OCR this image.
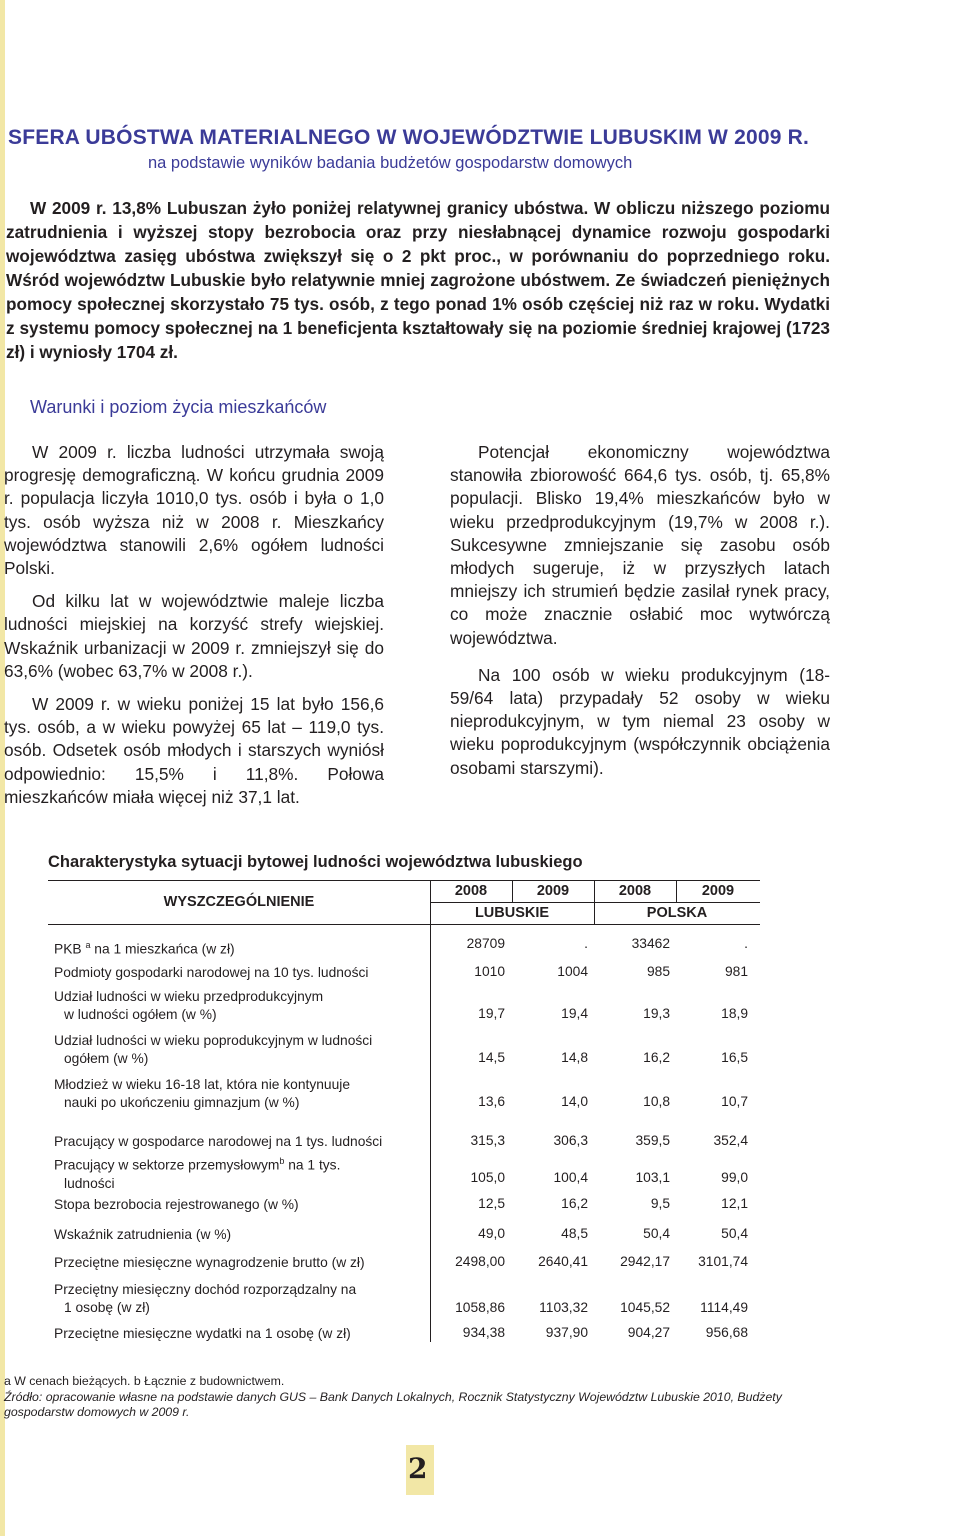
SFERA UBÓSTWA MATERIALNEGO W WOJEWÓDZTWIE LUBUSKIM W 2009 R.
na podstawie wyników badania budżetów gospodarstw domowych

W 2009 r. 13,8% Lubuszan żyło poniżej relatywnej granicy ubóstwa. W obliczu niższego poziomu zatrudnienia i wyższej stopy bezrobocia oraz przy niesłabnącej dynamice rozwoju gospodarki województwa zasięg ubóstwa zwiększył się o 2 pkt proc., w porównaniu do poprzedniego roku. Wśród województw Lubuskie było relatywnie mniej zagrożone ubóstwem. Ze świadczeń pieniężnych pomocy społecznej skorzystało 75 tys. osób, z tego ponad 1% osób częściej niż raz w roku. Wydatki z systemu pomocy społecznej na 1 beneficjenta kształtowały się na poziomie średniej krajowej (1723 zł) i wyniosły 1704 zł.

Warunki i poziom życia mieszkańców

W 2009 r. liczba ludności utrzymała swoją progresję demograficzną. W końcu grudnia 2009 r. populacja liczyła 1010,0 tys. osób i była o 1,0 tys. osób wyższa niż w 2008 r. Mieszkańcy województwa stanowili 2,6% ogółem ludności Polski.

Od kilku lat w województwie maleje liczba ludności miejskiej na korzyść strefy wiejskiej. Wskaźnik urbanizacji w 2009 r. zmniejszył się do 63,6% (wobec 63,7% w 2008 r.).

W 2009 r. w wieku poniżej 15 lat było 156,6 tys. osób, a w wieku powyżej 65 lat – 119,0 tys. osób. Odsetek osób młodych i starszych wyniósł odpowiednio: 15,5% i 11,8%. Połowa mieszkańców miała więcej niż 37,1 lat.

Potencjał ekonomiczny województwa stanowiła zbiorowość 664,6 tys. osób, tj. 65,8% populacji. Blisko 19,4% mieszkańców było w wieku przedprodukcyjnym (19,7% w 2008 r.). Sukcesywne zmniejszanie się zasobu osób młodych sugeruje, iż w przyszłych latach mniejszy ich strumień będzie zasilał rynek pracy, co może znacznie osłabić moc wytwórczą województwa.

Na 100 osób w wieku produkcyjnym (18-59/64 lata) przypadały 52 osoby w wieku nieprodukcyjnym, w tym niemal 23 osoby w wieku poprodukcyjnym (współczynnik obciążenia osobami starszymi).

Charakterystyka sytuacji bytowej ludności województwa lubuskiego
WYSZCZEGÓLNIENIE
2008	2009	2008	2009
LUBUSKIE	POLSKA
PKB $^a$ na 1 mieszkańca (w zł)	28709	.	33462	.
Podmioty gospodarki narodowej na 10 tys. ludności	1010	1004	985	981
Udział ludności w wieku przedprodukcyjnym
w ludności ogółem (w %)	19,7	19,4	19,3	18,9
Udział ludności w wieku poprodukcyjnym w ludności
ogółem (w %)	14,5	14,8	16,2	16,5
Młodzież w wieku 16-18 lat, która nie kontynuuje
nauki po ukończeniu gimnazjum (w %)	13,6	14,0	10,8	10,7
Pracujący w gospodarce narodowej na 1 tys. ludności	315,3	306,3	359,5	352,4
Pracujący w sektorze przemysłowym$^b$ na 1 tys.
ludności	105,0	100,4	103,1	99,0
Stopa bezrobocia rejestrowanego (w %)	12,5	16,2	9,5	12,1
Wskaźnik zatrudnienia (w %)	49,0	48,5	50,4	50,4
Przeciętne miesięczne wynagrodzenie brutto (w zł)	2498,00	2640,41	2942,17	3101,74
Przeciętny miesięczny dochód rozporządzalny na
1 osobę (w zł)	1058,86	1103,32	1045,52	1114,49
Przeciętne miesięczne wydatki na 1 osobę (w zł)	934,38	937,90	904,27	956,68
a W cenach bieżących. b Łącznie z budownictwem.
Źródło: opracowanie własne na podstawie danych GUS – Bank Danych Lokalnych, Rocznik Statystyczny Województw Lubuskie 2010, Budżety gospodarstw domowych w 2009 r.
2
